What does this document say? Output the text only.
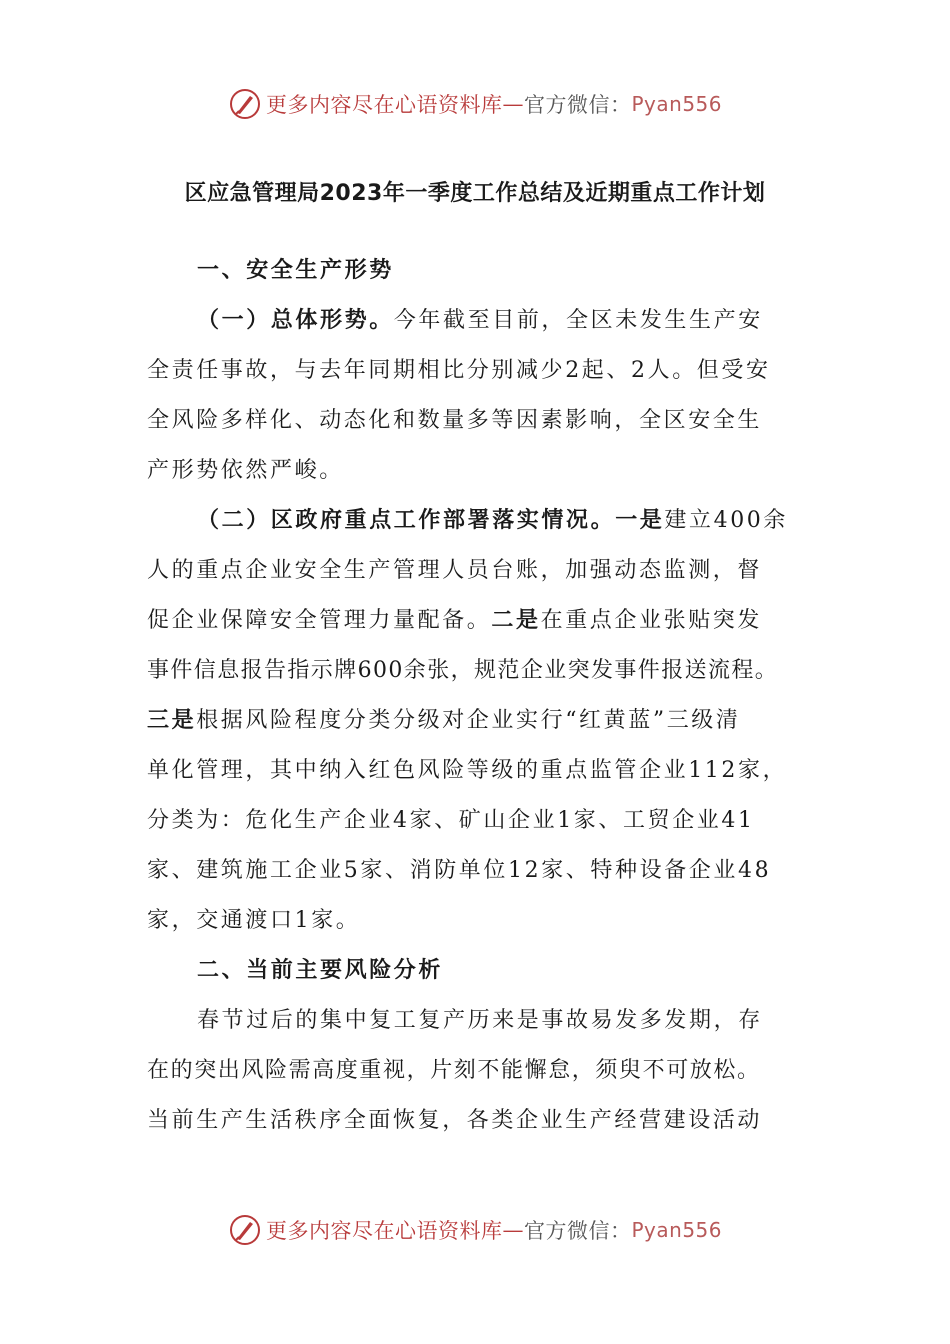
更多内容尽在心语资料库 — 官方微信： Pyan556
区应急管理局2023年一季度工作总结及近期重点工作计划
一、安全生产形势
（一）总体形势。今年截至目前，全区未发生生产安
全责任事故，与去年同期相比分别减少2起、2人。但受安
全风险多样化、动态化和数量多等因素影响，全区安全生
产形势依然严峻。
（二）区政府重点工作部署落实情况。一是建立400余
人的重点企业安全生产管理人员台账，加强动态监测，督
促企业保障安全管理力量配备。二是在重点企业张贴突发
事件信息报告指示牌600余张，规范企业突发事件报送流程。
三是根据风险程度分类分级对企业实行“红黄蓝”三级清
单化管理，其中纳入红色风险等级的重点监管企业112家，
分类为：危化生产企业4家、矿山企业1家、工贸企业41
家、建筑施工企业5家、消防单位12家、特种设备企业48
家，交通渡口1家。
二、当前主要风险分析
春节过后的集中复工复产历来是事故易发多发期，存
在的突出风险需高度重视，片刻不能懈怠，须臾不可放松。
当前生产生活秩序全面恢复，各类企业生产经营建设活动
更多内容尽在心语资料库 — 官方微信： Pyan556
